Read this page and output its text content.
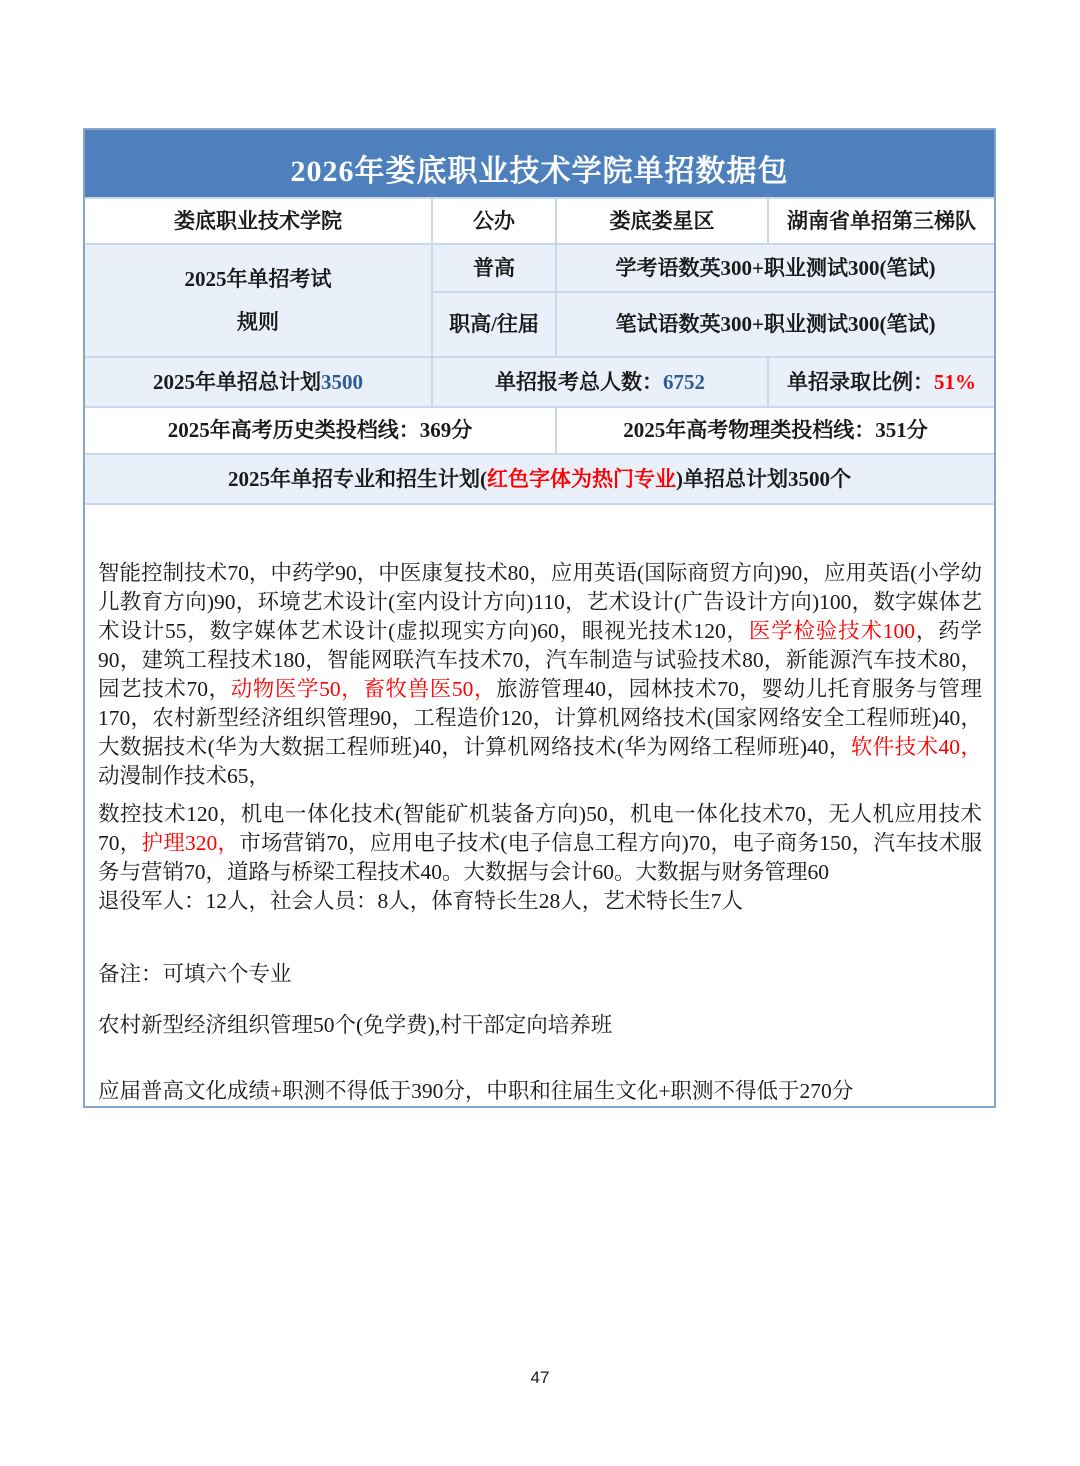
2026年娄底职业技术学院单招数据包
娄底职业技术学院	公办	娄底娄星区	湖南省单招第三梯队
2025年单招考试
规则
普高	学考语数英300+职业测试300(笔试)
职高/往届	笔试语数英300+职业测试300(笔试)
2025年单招总计划 3500	单招报考总人数： 6752	单招录取比例： 51%
2025年高考历史类投档线：369分	2025年高考物理类投档线：351分
2025年单招专业和招生计划( 红色字体为热门专业 )单招总计划3500个

智能控制技术70，中药学90，中医康复技术80，应用英语(国际商贸方向)90，应用英语(小学幼儿教育方向)90，环境艺术设计(室内设计方向)110，艺术设计(广告设计方向)100，数字媒体艺术设计55，数字媒体艺术设计(虚拟现实方向)60，眼视光技术120，医学检验技术100，药学90，建筑工程技术180，智能网联汽车技术70，汽车制造与试验技术80，新能源汽车技术80，园艺技术70，动物医学50，畜牧兽医50，旅游管理40，园林技术70，婴幼儿托育服务与管理170，农村新型经济组织管理90，工程造价120，计算机网络技术(国家网络安全工程师班)40，大数据技术(华为大数据工程师班)40，计算机网络技术(华为网络工程师班)40，软件技术40，动漫制作技术65，

数控技术120，机电一体化技术(智能矿机装备方向)50，机电一体化技术70，无人机应用技术70，护理320，市场营销70，应用电子技术(电子信息工程方向)70，电子商务150，汽车技术服务与营销70，道路与桥梁工程技术40。大数据与会计60。大数据与财务管理60

退役军人：12人，社会人员：8人，体育特长生28人，艺术特长生7人

备注：可填六个专业

农村新型经济组织管理50个(免学费),村干部定向培养班

应届普高文化成绩+职测不得低于390分，中职和往届生文化+职测不得低于270分

47
